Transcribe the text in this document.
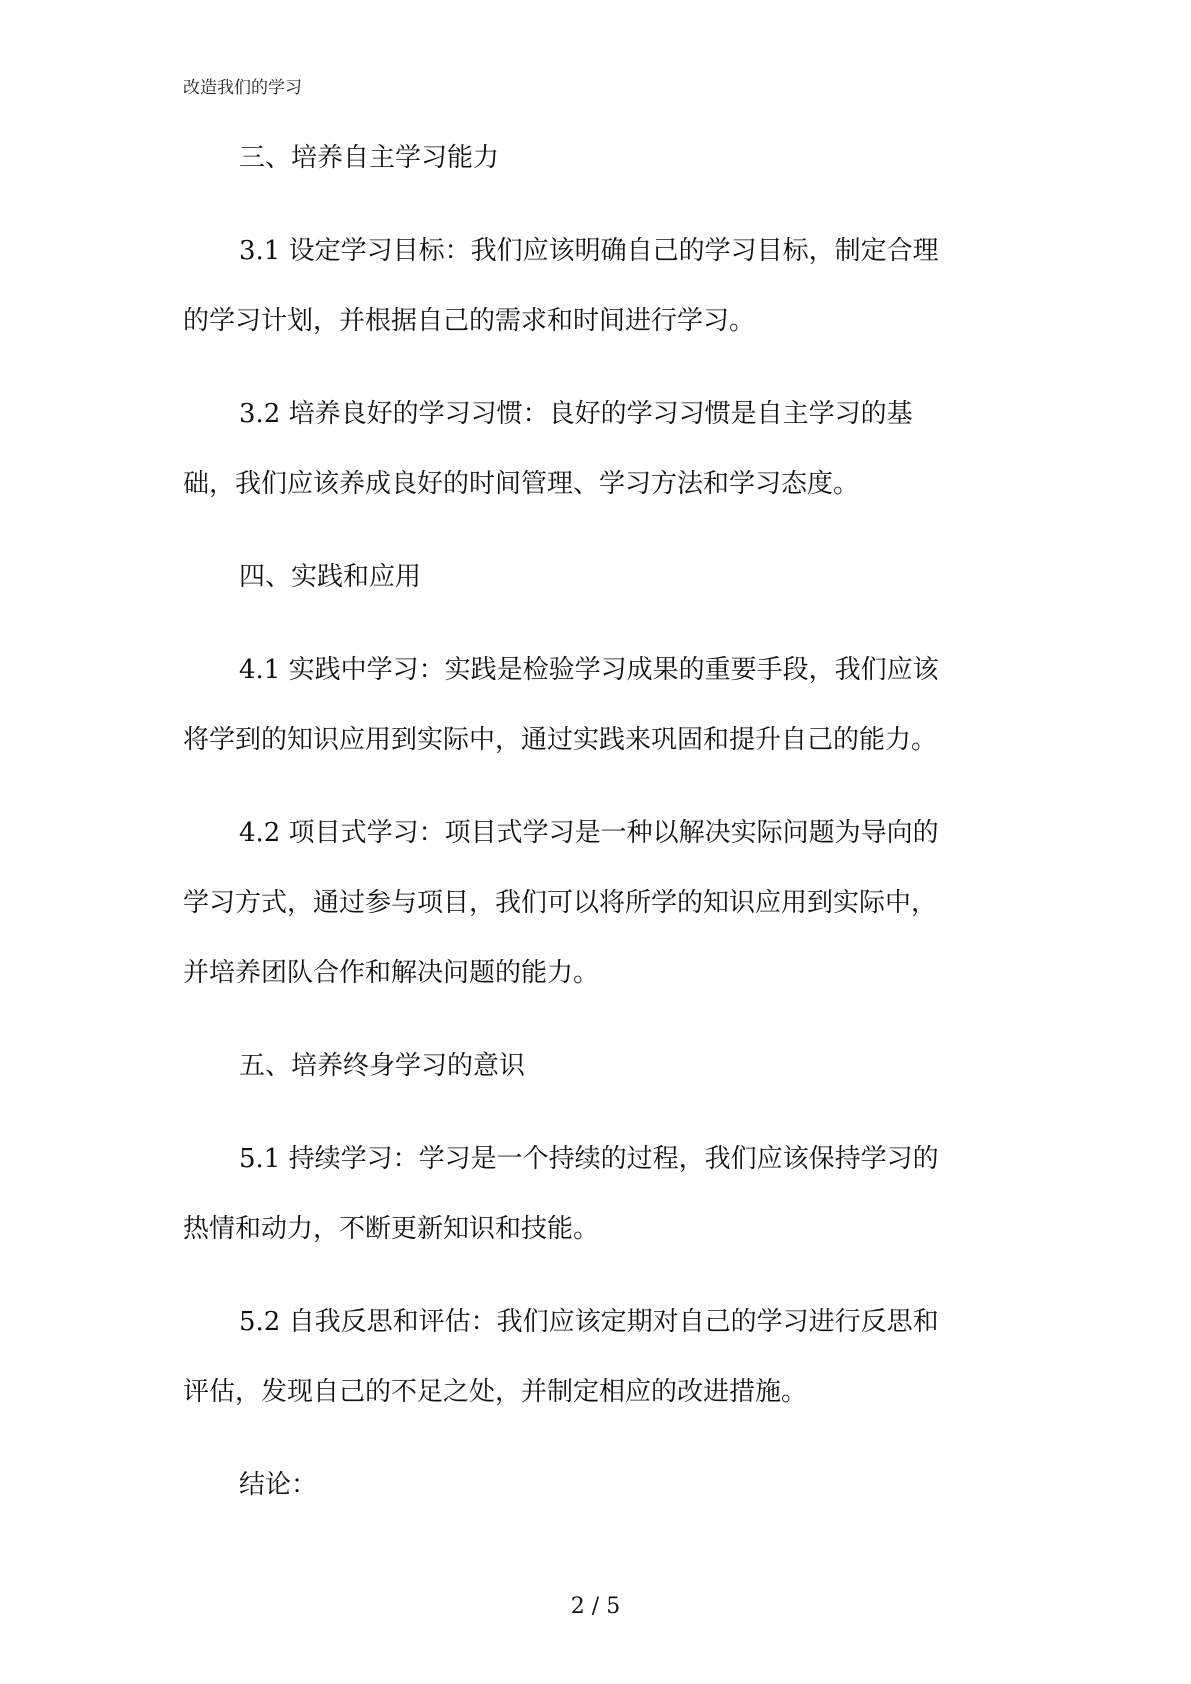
改造我们的学习
三、培养自主学习能力

3.1 设定学习目标：我们应该明确自己的学习目标，制定合理
的学习计划，并根据自己的需求和时间进行学习。

3.2 培养良好的学习习惯：良好的学习习惯是自主学习的基
础，我们应该养成良好的时间管理、学习方法和学习态度。

四、实践和应用

4.1 实践中学习：实践是检验学习成果的重要手段，我们应该
将学到的知识应用到实际中，通过实践来巩固和提升自己的能力。

4.2 项目式学习：项目式学习是一种以解决实际问题为导向的
学习方式，通过参与项目，我们可以将所学的知识应用到实际中，
并培养团队合作和解决问题的能力。

五、培养终身学习的意识

5.1 持续学习：学习是一个持续的过程，我们应该保持学习的
热情和动力，不断更新知识和技能。

5.2 自我反思和评估：我们应该定期对自己的学习进行反思和
评估，发现自己的不足之处，并制定相应的改进措施。

结论：
2 / 5
